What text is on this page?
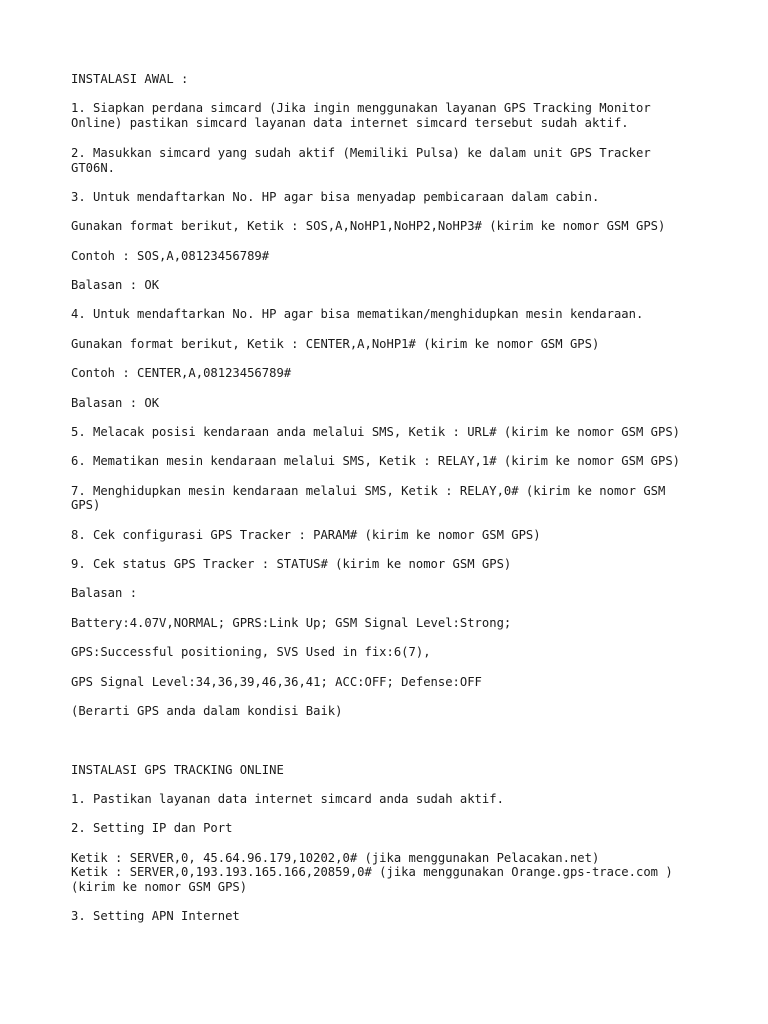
INSTALASI AWAL :

1. Siapkan perdana simcard (Jika ingin menggunakan layanan GPS Tracking Monitor

Online) pastikan simcard layanan data internet simcard tersebut sudah aktif.

2. Masukkan simcard yang sudah aktif (Memiliki Pulsa) ke dalam unit GPS Tracker

GT06N.

3. Untuk mendaftarkan No. HP agar bisa menyadap pembicaraan dalam cabin.

Gunakan format berikut, Ketik : SOS,A,NoHP1,NoHP2,NoHP3# (kirim ke nomor GSM GPS)

Contoh : SOS,A,08123456789#

Balasan : OK

4. Untuk mendaftarkan No. HP agar bisa mematikan/menghidupkan mesin kendaraan.

Gunakan format berikut, Ketik : CENTER,A,NoHP1# (kirim ke nomor GSM GPS)

Contoh : CENTER,A,08123456789#

Balasan : OK

5. Melacak posisi kendaraan anda melalui SMS, Ketik : URL# (kirim ke nomor GSM GPS)

6. Mematikan mesin kendaraan melalui SMS, Ketik : RELAY,1# (kirim ke nomor GSM GPS)

7. Menghidupkan mesin kendaraan melalui SMS, Ketik : RELAY,0# (kirim ke nomor GSM

GPS)

8. Cek configurasi GPS Tracker : PARAM# (kirim ke nomor GSM GPS)

9. Cek status GPS Tracker : STATUS# (kirim ke nomor GSM GPS)

Balasan :

Battery:4.07V,NORMAL; GPRS:Link Up; GSM Signal Level:Strong;

GPS:Successful positioning, SVS Used in fix:6(7),

GPS Signal Level:34,36,39,46,36,41; ACC:OFF; Defense:OFF

(Berarti GPS anda dalam kondisi Baik)

INSTALASI GPS TRACKING ONLINE

1. Pastikan layanan data internet simcard anda sudah aktif.

2. Setting IP dan Port

Ketik : SERVER,0, 45.64.96.179,10202,0# (jika menggunakan Pelacakan.net)

Ketik : SERVER,0,193.193.165.166,20859,0# (jika menggunakan Orange.gps-trace.com )

(kirim ke nomor GSM GPS)

3. Setting APN Internet
